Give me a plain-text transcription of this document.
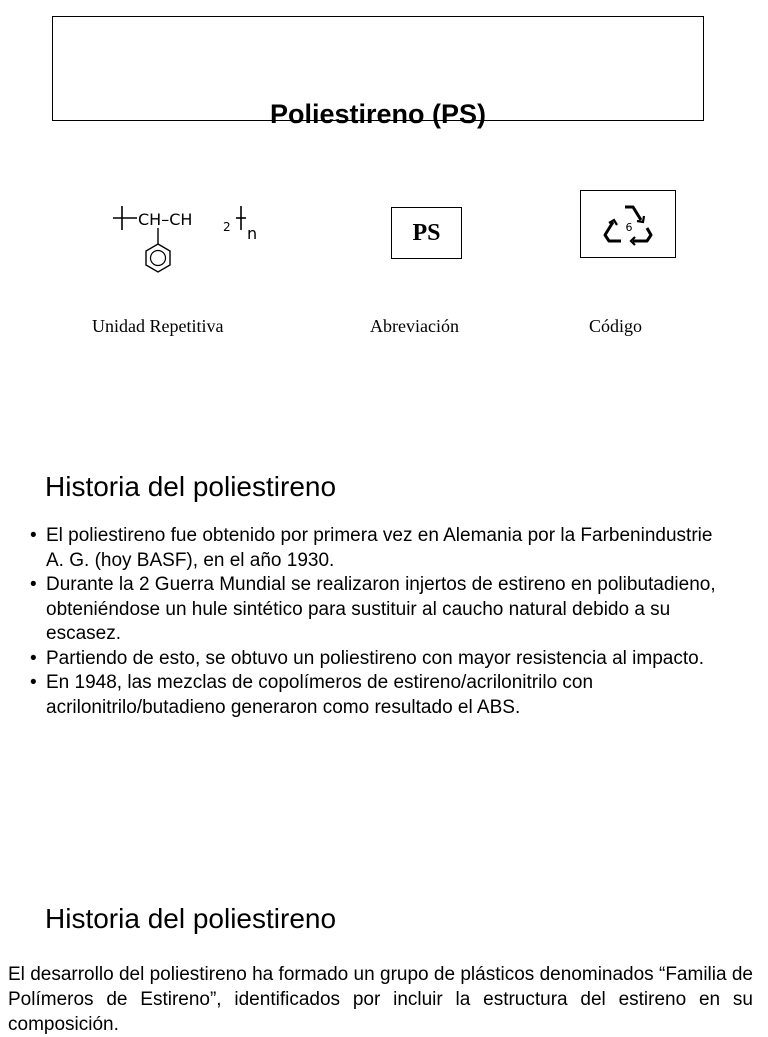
Poliestireno (PS)
CH–CH	2 n	PS	6
Unidad Repetitiva	Abreviación	Código
Historia del poliestireno
• El poliestireno fue obtenido por primera vez en Alemania por la Farbenindustrie A. G. (hoy BASF), en el año 1930.
• Durante la 2 Guerra Mundial se realizaron injertos de estireno en polibutadieno, obteniéndose un hule sintético para sustituir al caucho natural debido a su escasez.
• Partiendo de esto, se obtuvo un poliestireno con mayor resistencia al impacto.
• En 1948, las mezclas de copolímeros de estireno/acrilonitrilo con acrilonitrilo/butadieno generaron como resultado el ABS.
Historia del poliestireno

El desarrollo del poliestireno ha formado un grupo de plásticos denominados “Familia de Polímeros de Estireno”, identificados por incluir la estructura del estireno en su composición.
